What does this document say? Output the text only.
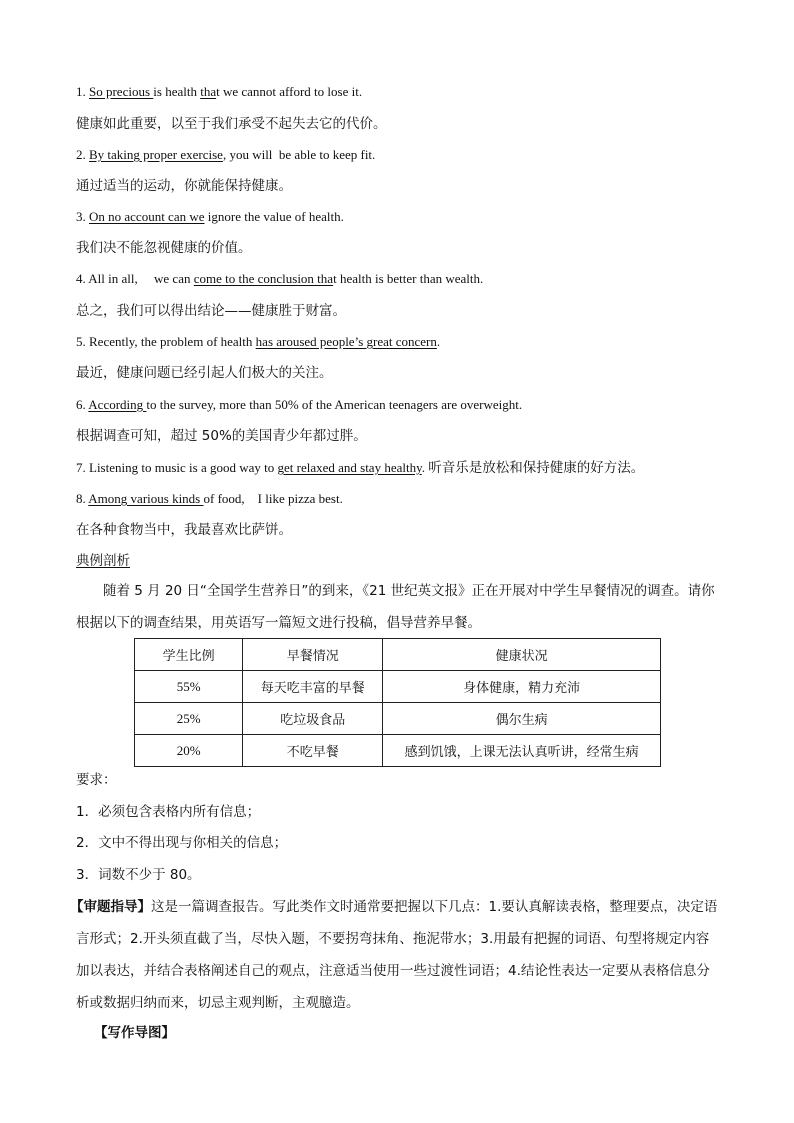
1. So precious is health that we cannot afford to lose it.
健康如此重要，以至于我们承受不起失去它的代价。
2. By taking proper exercise, you will  be able to keep fit.
通过适当的运动，你就能保持健康。
3. On no account can we ignore the value of health.
我们决不能忽视健康的价值。
4. All in all,     we can come to the conclusion that health is better than wealth.
总之，我们可以得出结论——健康胜于财富。
5. Recently, the problem of health has aroused people’s great concern.
最近，健康问题已经引起人们极大的关注。
6. According to the survey, more than 50% of the American teenagers are overweight.
根据调查可知，超过 50%的美国青少年都过胖。
7. Listening to music is a good way to get relaxed and stay healthy. 听音乐是放松和保持健康的好方法。
8. Among various kinds of food,    I like pizza best.
在各种食物当中，我最喜欢比萨饼。
典例剖析
随着 5 月 20 日“全国学生营养日”的到来，《21 世纪英文报》正在开展对中学生早餐情况的调查。请你根据以下的调查结果，用英语写一篇短文进行投稿，倡导营养早餐。
学生比例	早餐情况	健康状况
55%	每天吃丰富的早餐	身体健康，精力充沛
25%	吃垃圾食品	偶尔生病
20%	不吃早餐	感到饥饿，上课无法认真听讲，经常生病
要求：
1．必须包含表格内所有信息；
2．文中不得出现与你相关的信息；
3．词数不少于 80。
【审题指导】这是一篇调查报告。写此类作文时通常要把握以下几点：1.要认真解读表格，整理要点，决定语言形式；2.开头须直截了当，尽快入题，不要拐弯抹角、拖泥带水；3.用最有把握的词语、句型将规定内容加以表达，并结合表格阐述自己的观点，注意适当使用一些过渡性词语；4.结论性表达一定要从表格信息分析或数据归纳而来，切忌主观判断，主观臆造。
【写作导图】
